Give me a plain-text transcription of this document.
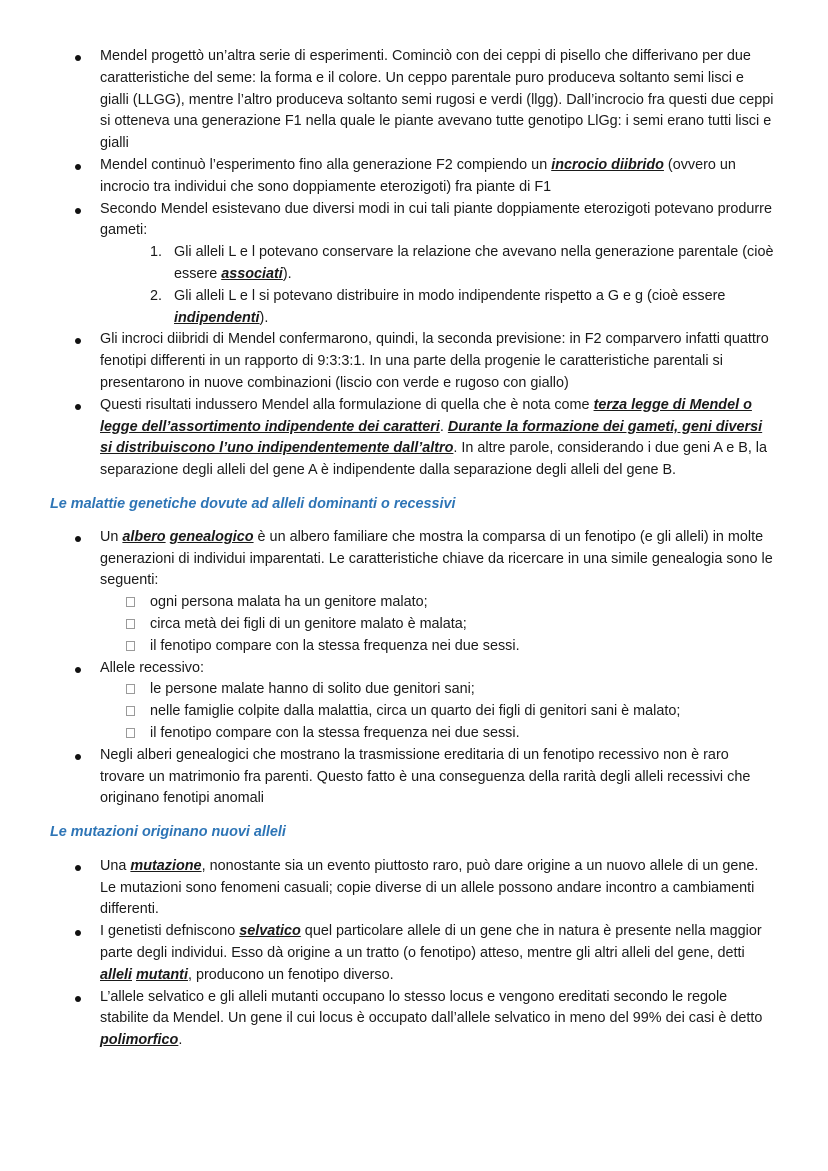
Mendel progettò un’altra serie di esperimenti. Cominciò con dei ceppi di pisello che differivano per due caratteristiche del seme: la forma e il colore. Un ceppo parentale puro produceva soltanto semi lisci e gialli (LLGG), mentre l’altro produceva soltanto semi rugosi e verdi (llgg). Dall’incrocio fra questi due ceppi si otteneva una generazione F1 nella quale le piante avevano tutte genotipo LlGg: i semi erano tutti lisci e gialli
Mendel continuò l’esperimento fino alla generazione F2 compiendo un incrocio diibrido (ovvero un incrocio tra individui che sono doppiamente eterozigoti) fra piante di F1
Secondo Mendel esistevano due diversi modi in cui tali piante doppiamente eterozigoti potevano produrre gameti:
1. Gli alleli L e l potevano conservare la relazione che avevano nella generazione parentale (cioè essere associati).
2. Gli alleli L e l si potevano distribuire in modo indipendente rispetto a G e g (cioè essere indipendenti).
Gli incroci diibridi di Mendel confermarono, quindi, la seconda previsione: in F2 comparvero infatti quattro fenotipi differenti in un rapporto di 9:3:3:1. In una parte della progenie le caratteristiche parentali si presentarono in nuove combinazioni (liscio con verde e rugoso con giallo)
Questi risultati indussero Mendel alla formulazione di quella che è nota come terza legge di Mendel o legge dell’assortimento indipendente dei caratteri. Durante la formazione dei gameti, geni diversi si distribuiscono l’uno indipendentemente dall’altro. In altre parole, considerando i due geni A e B, la separazione degli alleli del gene A è indipendente dalla separazione degli alleli del gene B.
Le malattie genetiche dovute ad alleli dominanti o recessivi
Un albero genealogico è un albero familiare che mostra la comparsa di un fenotipo (e gli alleli) in molte generazioni di individui imparentati. Le caratteristiche chiave da ricercare in una simile genealogia sono le seguenti:
ogni persona malata ha un genitore malato;
circa metà dei figli di un genitore malato è malata;
il fenotipo compare con la stessa frequenza nei due sessi.
Allele recessivo:
le persone malate hanno di solito due genitori sani;
nelle famiglie colpite dalla malattia, circa un quarto dei figli di genitori sani è malato;
il fenotipo compare con la stessa frequenza nei due sessi.
Negli alberi genealogici che mostrano la trasmissione ereditaria di un fenotipo recessivo non è raro trovare un matrimonio fra parenti. Questo fatto è una conseguenza della rarità degli alleli recessivi che originano fenotipi anomali
Le mutazioni originano nuovi alleli
Una mutazione, nonostante sia un evento piuttosto raro, può dare origine a un nuovo allele di un gene. Le mutazioni sono fenomeni casuali; copie diverse di un allele possono andare incontro a cambiamenti differenti.
I genetisti defniscono selvatico quel particolare allele di un gene che in natura è presente nella maggior parte degli individui. Esso dà origine a un tratto (o fenotipo) atteso, mentre gli altri alleli del gene, detti alleli mutanti, producono un fenotipo diverso.
L’allele selvatico e gli alleli mutanti occupano lo stesso locus e vengono ereditati secondo le regole stabilite da Mendel. Un gene il cui locus è occupato dall’allele selvatico in meno del 99% dei casi è detto polimorfico.
